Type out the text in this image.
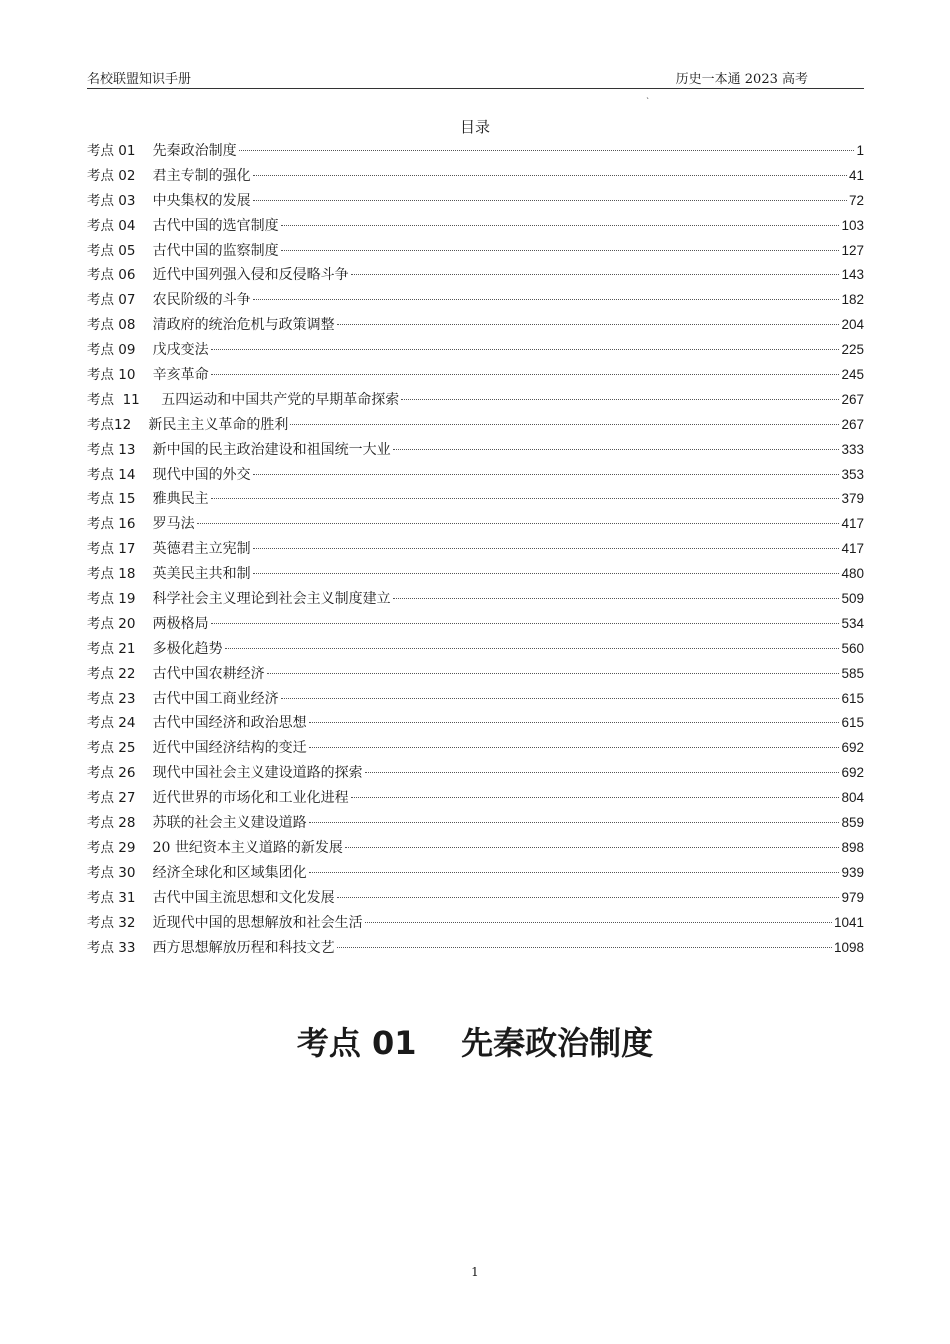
名校联盟知识手册	历史一本通 2023 高考
`
目录
考点 01 先秦政治制度	1
考点 02 君主专制的强化	41
考点 03 中央集权的发展	72
考点 04 古代中国的选官制度	103
考点 05 古代中国的监察制度	127
考点 06 近代中国列强入侵和反侵略斗争	143
考点 07 农民阶级的斗争	182
考点 08 清政府的统治危机与政策调整	204
考点 09 戊戌变法	225
考点 10 辛亥革命	245
考点  11 五四运动和中国共产党的早期革命探索	267
考点12 新民主主义革命的胜利	267
考点 13 新中国的民主政治建设和祖国统一大业	333
考点 14 现代中国的外交	353
考点 15 雅典民主	379
考点 16 罗马法	417
考点 17 英德君主立宪制	417
考点 18 英美民主共和制	480
考点 19 科学社会主义理论到社会主义制度建立	509
考点 20 两极格局	534
考点 21 多极化趋势	560
考点 22 古代中国农耕经济	585
考点 23 古代中国工商业经济	615
考点 24 古代中国经济和政治思想	615
考点 25 近代中国经济结构的变迁	692
考点 26 现代中国社会主义建设道路的探索	692
考点 27 近代世界的市场化和工业化进程	804
考点 28 苏联的社会主义建设道路	859
考点 29 20 世纪资本主义道路的新发展	898
考点 30 经济全球化和区域集团化	939
考点 31 古代中国主流思想和文化发展	979
考点 32 近现代中国的思想解放和社会生活	1041
考点 33 西方思想解放历程和科技文艺	1098
考点 01    先秦政治制度
1
